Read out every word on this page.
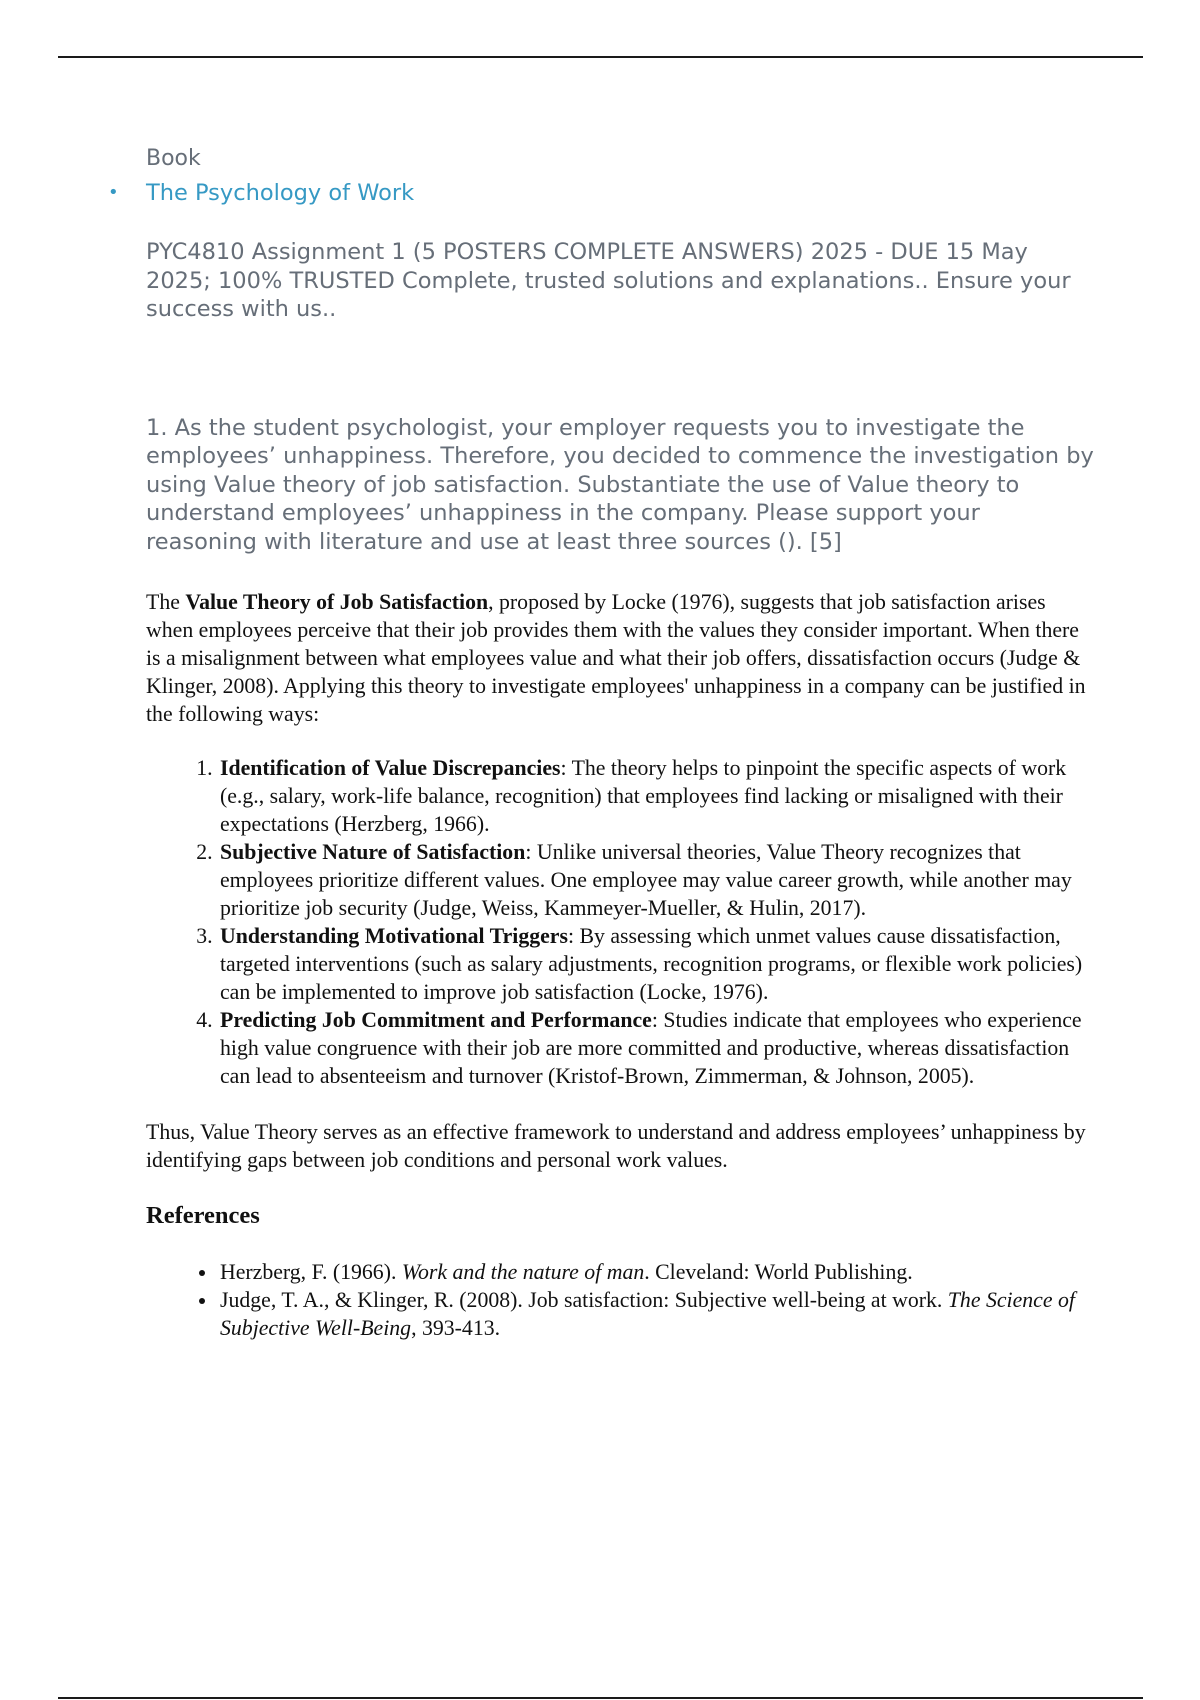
Book

• The Psychology of Work

PYC4810 Assignment 1 (5 POSTERS COMPLETE ANSWERS) 2025 - DUE 15 May 2025; 100% TRUSTED Complete, trusted solutions and explanations.. Ensure your success with us..

1. As the student psychologist, your employer requests you to investigate the employees’ unhappiness. Therefore, you decided to commence the investigation by using Value theory of job satisfaction. Substantiate the use of Value theory to understand employees’ unhappiness in the company. Please support your reasoning with literature and use at least three sources (). [5]

The Value Theory of Job Satisfaction, proposed by Locke (1976), suggests that job satisfaction arises when employees perceive that their job provides them with the values they consider important. When there is a misalignment between what employees value and what their job offers, dissatisfaction occurs (Judge & Klinger, 2008). Applying this theory to investigate employees' unhappiness in a company can be justified in the following ways:

1. Identification of Value Discrepancies: The theory helps to pinpoint the specific aspects of work (e.g., salary, work-life balance, recognition) that employees find lacking or misaligned with their expectations (Herzberg, 1966).
2. Subjective Nature of Satisfaction: Unlike universal theories, Value Theory recognizes that employees prioritize different values. One employee may value career growth, while another may prioritize job security (Judge, Weiss, Kammeyer-Mueller, & Hulin, 2017).
3. Understanding Motivational Triggers: By assessing which unmet values cause dissatisfaction, targeted interventions (such as salary adjustments, recognition programs, or flexible work policies) can be implemented to improve job satisfaction (Locke, 1976).
4. Predicting Job Commitment and Performance: Studies indicate that employees who experience high value congruence with their job are more committed and productive, whereas dissatisfaction can lead to absenteeism and turnover (Kristof-Brown, Zimmerman, & Johnson, 2005).

Thus, Value Theory serves as an effective framework to understand and address employees’ unhappiness by identifying gaps between job conditions and personal work values.

References
• Herzberg, F. (1966). Work and the nature of man. Cleveland: World Publishing.
• Judge, T. A., & Klinger, R. (2008). Job satisfaction: Subjective well-being at work. The Science of Subjective Well-Being, 393-413.
